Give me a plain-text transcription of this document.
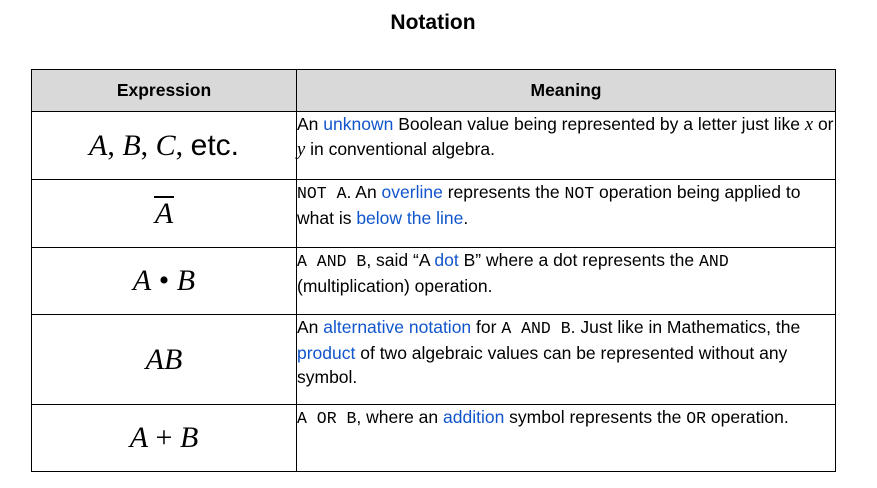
Notation
Expression	Meaning
A, B, C, etc.	An unknown Boolean value being represented by a letter just like x or y in conventional algebra.
A	NOT A. An overline represents the NOT operation being applied to what is below the line.
A • B	A AND B, said “A dot B” where a dot represents the AND (multiplication) operation.
AB	An alternative notation for A AND B. Just like in Mathematics, the product of two algebraic values can be represented without any symbol.
A + B	A OR B, where an addition symbol represents the OR operation.
